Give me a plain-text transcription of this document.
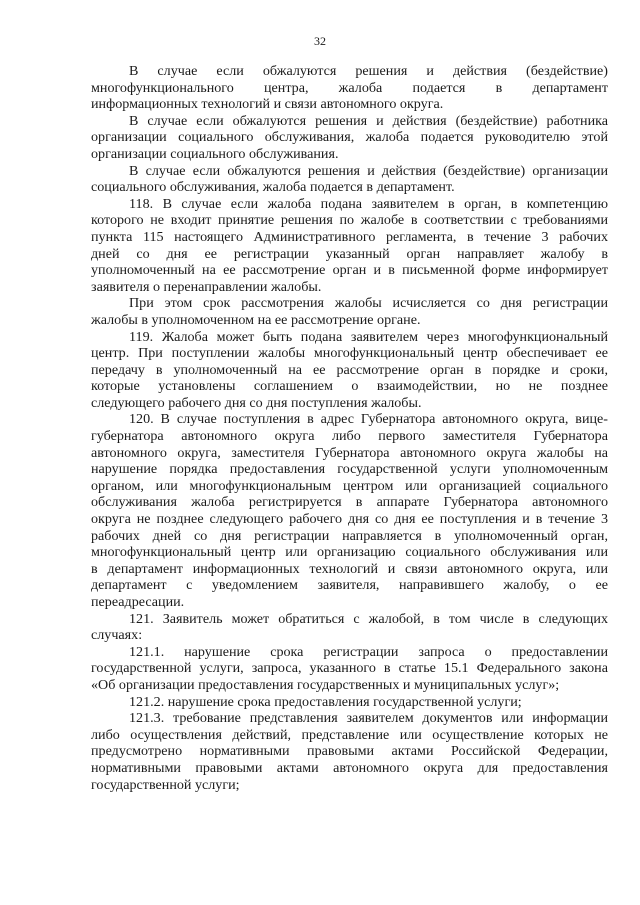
32
В случае если обжалуются решения и действия (бездействие)
многофункционального центра, жалоба подается в департамент
информационных технологий и связи автономного округа.
В случае если обжалуются решения и действия (бездействие) работника
организации социального обслуживания, жалоба подается руководителю этой
организации социального обслуживания.
В случае если обжалуются решения и действия (бездействие) организации
социального обслуживания, жалоба подается в департамент.
118. В случае если жалоба подана заявителем в орган, в компетенцию
которого не входит принятие решения по жалобе в соответствии с требованиями
пункта 115 настоящего Административного регламента, в течение 3 рабочих
дней со дня ее регистрации указанный орган направляет жалобу в
уполномоченный на ее рассмотрение орган и в письменной форме информирует
заявителя о перенаправлении жалобы.
При этом срок рассмотрения жалобы исчисляется со дня регистрации
жалобы в уполномоченном на ее рассмотрение органе.
119. Жалоба может быть подана заявителем через многофункциональный
центр. При поступлении жалобы многофункциональный центр обеспечивает ее
передачу в уполномоченный на ее рассмотрение орган в порядке и сроки,
которые установлены соглашением о взаимодействии, но не позднее
следующего рабочего дня со дня поступления жалобы.
120. В случае поступления в адрес Губернатора автономного округа, вице-
губернатора автономного округа либо первого заместителя Губернатора
автономного округа, заместителя Губернатора автономного округа жалобы на
нарушение порядка предоставления государственной услуги уполномоченным
органом, или многофункциональным центром или организацией социального
обслуживания жалоба регистрируется в аппарате Губернатора автономного
округа не позднее следующего рабочего дня со дня ее поступления и в течение 3
рабочих дней со дня регистрации направляется в уполномоченный орган,
многофункциональный центр или организацию социального обслуживания или
в департамент информационных технологий и связи автономного округа, или
департамент с уведомлением заявителя, направившего жалобу, о ее
переадресации.
121. Заявитель может обратиться с жалобой, в том числе в следующих
случаях:
121.1. нарушение срока регистрации запроса о предоставлении
государственной услуги, запроса, указанного в статье 15.1 Федерального закона
«Об организации предоставления государственных и муниципальных услуг»;
121.2. нарушение срока предоставления государственной услуги;
121.3. требование представления заявителем документов или информации
либо осуществления действий, представление или осуществление которых не
предусмотрено нормативными правовыми актами Российской Федерации,
нормативными правовыми актами автономного округа для предоставления
государственной услуги;
